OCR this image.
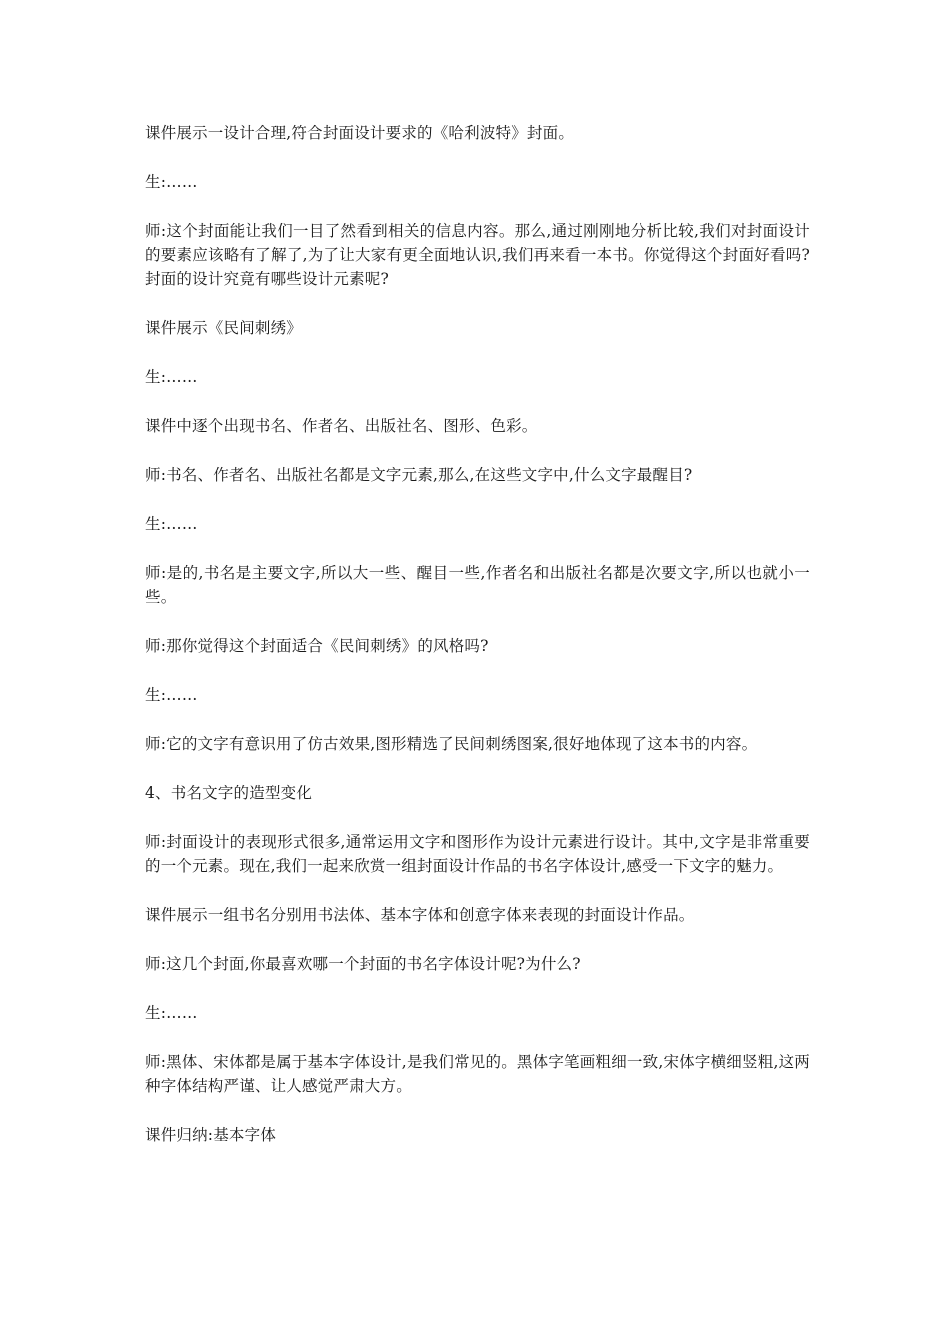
课件展示一设计合理,符合封面设计要求的《哈利波特》封面。

生:……

师:这个封面能让我们一目了然看到相关的信息内容。那么,通过刚刚地分析比较,我们对封面设计的要素应该略有了解了,为了让大家有更全面地认识,我们再来看一本书。你觉得这个封面好看吗?封面的设计究竟有哪些设计元素呢?

课件展示《民间刺绣》

生:……

课件中逐个出现书名、作者名、出版社名、图形、色彩。

师:书名、作者名、出版社名都是文字元素,那么,在这些文字中,什么文字最醒目?

生:……

师:是的,书名是主要文字,所以大一些、醒目一些,作者名和出版社名都是次要文字,所以也就小一些。

师:那你觉得这个封面适合《民间刺绣》的风格吗?

生:……

师:它的文字有意识用了仿古效果,图形精选了民间刺绣图案,很好地体现了这本书的内容。

4、书名文字的造型变化

师:封面设计的表现形式很多,通常运用文字和图形作为设计元素进行设计。其中,文字是非常重要的一个元素。现在,我们一起来欣赏一组封面设计作品的书名字体设计,感受一下文字的魅力。

课件展示一组书名分别用书法体、基本字体和创意字体来表现的封面设计作品。

师:这几个封面,你最喜欢哪一个封面的书名字体设计呢?为什么?

生:……

师:黑体、宋体都是属于基本字体设计,是我们常见的。黑体字笔画粗细一致,宋体字横细竖粗,这两种字体结构严谨、让人感觉严肃大方。

课件归纳:基本字体
